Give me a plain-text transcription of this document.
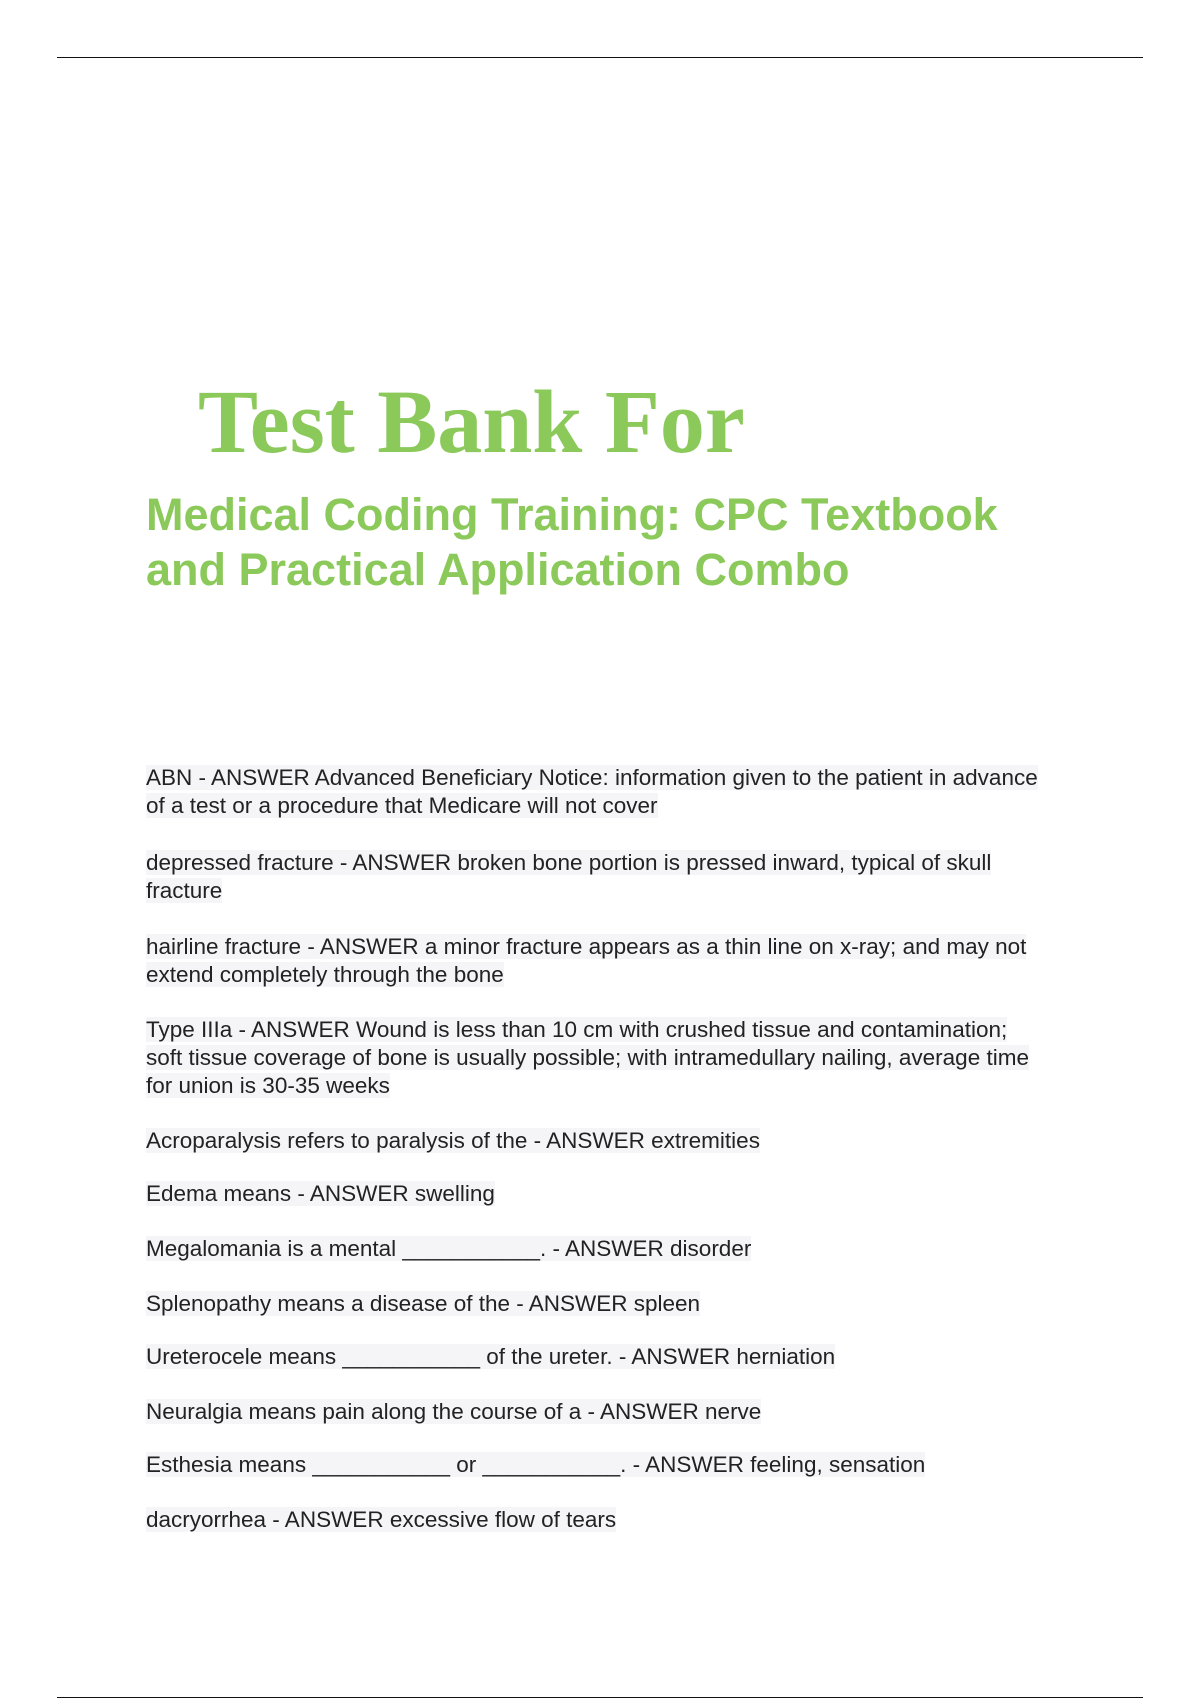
Test Bank For
Medical Coding Training: CPC Textbook and Practical Application Combo
ABN - ANSWER Advanced Beneficiary Notice: information given to the patient in advance of a test or a procedure that Medicare will not cover
depressed fracture - ANSWER broken bone portion is pressed inward, typical of skull fracture
hairline fracture - ANSWER a minor fracture appears as a thin line on x-ray; and may not extend completely through the bone
Type IIIa - ANSWER Wound is less than 10 cm with crushed tissue and contamination; soft tissue coverage of bone is usually possible; with intramedullary nailing, average time for union is 30-35 weeks
Acroparalysis refers to paralysis of the - ANSWER extremities
Edema means - ANSWER swelling
Megalomania is a mental ___________. - ANSWER disorder
Splenopathy means a disease of the - ANSWER spleen
Ureterocele means ___________ of the ureter. - ANSWER herniation
Neuralgia means pain along the course of a - ANSWER nerve
Esthesia means ___________ or ___________. - ANSWER feeling, sensation
dacryorrhea - ANSWER excessive flow of tears
